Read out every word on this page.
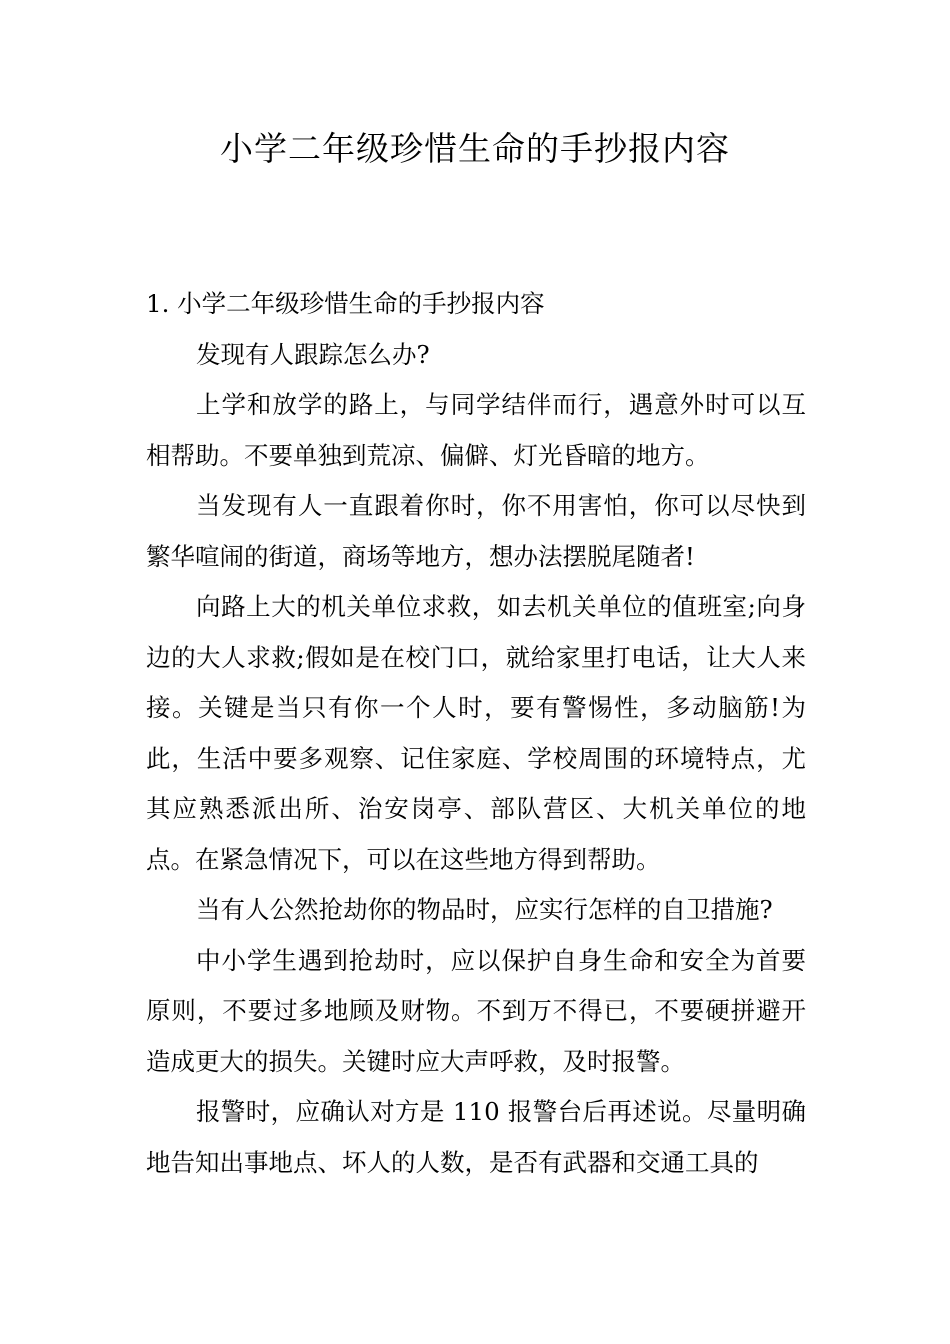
小学二年级珍惜生命的手抄报内容

1. 小学二年级珍惜生命的手抄报内容

发现有人跟踪怎么办?

上学和放学的路上，与同学结伴而行，遇意外时可以互相帮助。不要单独到荒凉、偏僻、灯光昏暗的地方。

当发现有人一直跟着你时，你不用害怕，你可以尽快到繁华喧闹的街道，商场等地方，想办法摆脱尾随者!

向路上大的机关单位求救，如去机关单位的值班室;向身边的大人求救;假如是在校门口，就给家里打电话，让大人来接。关键是当只有你一个人时，要有警惕性，多动脑筋!为此，生活中要多观察、记住家庭、学校周围的环境特点，尤其应熟悉派出所、治安岗亭、部队营区、大机关单位的地点。在紧急情况下，可以在这些地方得到帮助。

当有人公然抢劫你的物品时，应实行怎样的自卫措施?

中小学生遇到抢劫时，应以保护自身生命和安全为首要原则，不要过多地顾及财物。不到万不得已，不要硬拼避开造成更大的损失。关键时应大声呼救，及时报警。

报警时，应确认对方是 110 报警台后再述说。尽量明确地告知出事地点、坏人的人数，是否有武器和交通工具的
